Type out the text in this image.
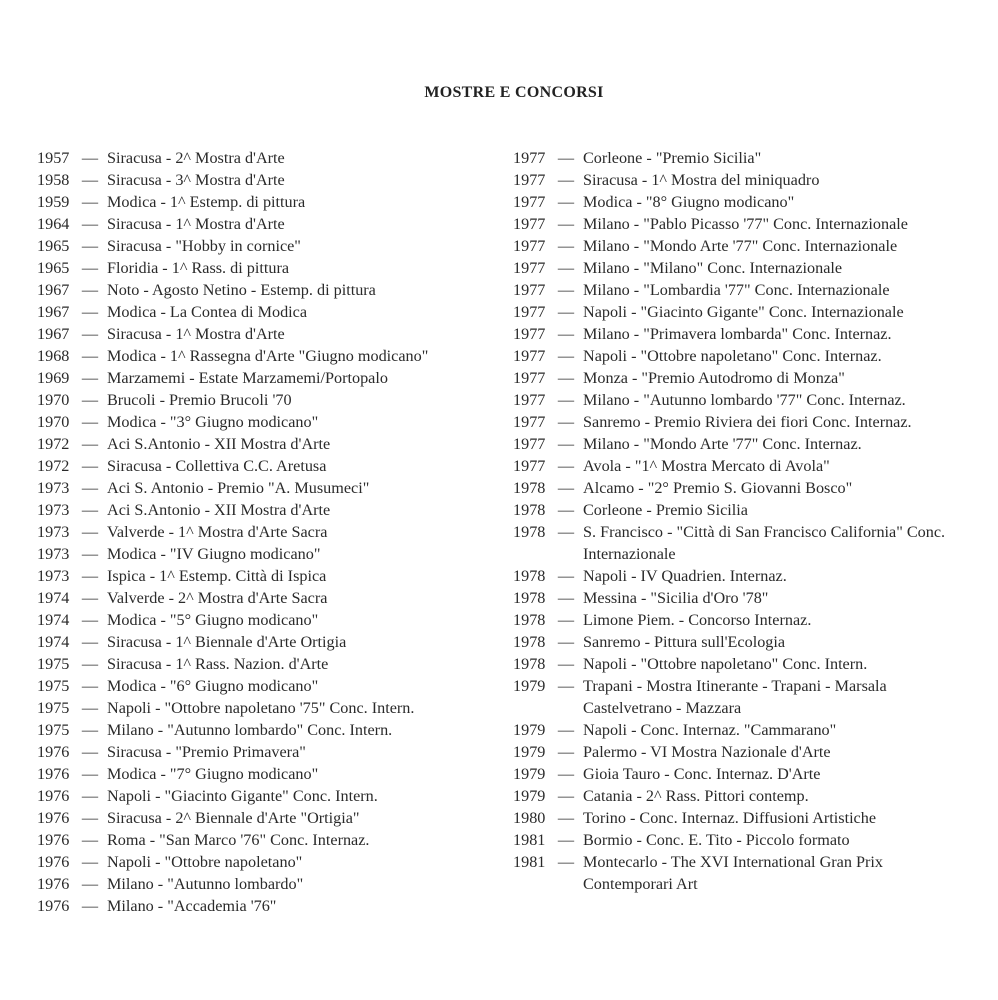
MOSTRE E CONCORSI
1957 — Siracusa - 2^ Mostra d'Arte
1958 — Siracusa - 3^ Mostra d'Arte
1959 — Modica - 1^ Estemp. di pittura
1964 — Siracusa - 1^ Mostra d'Arte
1965 — Siracusa - "Hobby in cornice"
1965 — Floridia - 1^ Rass. di pittura
1967 — Noto - Agosto Netino - Estemp. di pittura
1967 — Modica - La Contea di Modica
1967 — Siracusa - 1^ Mostra d'Arte
1968 — Modica - 1^ Rassegna d'Arte "Giugno modicano"
1969 — Marzamemi - Estate Marzamemi/Portopalo
1970 — Brucoli - Premio Brucoli '70
1970 — Modica - "3° Giugno modicano"
1972 — Aci S.Antonio - XII Mostra d'Arte
1972 — Siracusa - Collettiva C.C. Aretusa
1973 — Aci S. Antonio - Premio "A. Musumeci"
1973 — Aci S.Antonio - XII Mostra d'Arte
1973 — Valverde - 1^ Mostra d'Arte Sacra
1973 — Modica - "IV Giugno modicano"
1973 — Ispica - 1^ Estemp. Città di Ispica
1974 — Valverde - 2^ Mostra d'Arte Sacra
1974 — Modica - "5° Giugno modicano"
1974 — Siracusa - 1^ Biennale d'Arte Ortigia
1975 — Siracusa - 1^ Rass. Nazion. d'Arte
1975 — Modica - "6° Giugno modicano"
1975 — Napoli - "Ottobre napoletano '75" Conc. Intern.
1975 — Milano - "Autunno lombardo" Conc. Intern.
1976 — Siracusa - "Premio Primavera"
1976 — Modica - "7° Giugno modicano"
1976 — Napoli - "Giacinto Gigante" Conc. Intern.
1976 — Siracusa - 2^ Biennale d'Arte "Ortigia"
1976 — Roma - "San Marco '76" Conc. Internaz.
1976 — Napoli - "Ottobre napoletano"
1976 — Milano - "Autunno lombardo"
1976 — Milano - "Accademia '76"
1977 — Corleone - "Premio Sicilia"
1977 — Siracusa - 1^ Mostra del miniquadro
1977 — Modica - "8° Giugno modicano"
1977 — Milano - "Pablo Picasso '77" Conc. Internazionale
1977 — Milano - "Mondo Arte '77" Conc. Internazionale
1977 — Milano - "Milano" Conc. Internazionale
1977 — Milano - "Lombardia '77" Conc. Internazionale
1977 — Napoli - "Giacinto Gigante" Conc. Internazionale
1977 — Milano - "Primavera lombarda" Conc. Internaz.
1977 — Napoli - "Ottobre napoletano" Conc. Internaz.
1977 — Monza - "Premio Autodromo di Monza"
1977 — Milano - "Autunno lombardo '77" Conc. Internaz.
1977 — Sanremo - Premio Riviera dei fiori Conc. Internaz.
1977 — Milano - "Mondo Arte '77" Conc. Internaz.
1977 — Avola - "1^ Mostra Mercato di Avola"
1978 — Alcamo - "2° Premio S. Giovanni Bosco"
1978 — Corleone - Premio Sicilia
1978 — S. Francisco - "Città di San Francisco California" Conc. Internazionale
1978 — Napoli - IV Quadrien. Internaz.
1978 — Messina - "Sicilia d'Oro '78"
1978 — Limone Piem. - Concorso Internaz.
1978 — Sanremo - Pittura sull'Ecologia
1978 — Napoli - "Ottobre napoletano" Conc. Intern.
1979 — Trapani - Mostra Itinerante - Trapani - Marsala Castelvetrano - Mazzara
1979 — Napoli - Conc. Internaz. "Cammarano"
1979 — Palermo - VI Mostra Nazionale d'Arte
1979 — Gioia Tauro - Conc. Internaz. D'Arte
1979 — Catania - 2^ Rass. Pittori contemp.
1980 — Torino - Conc. Internaz. Diffusioni Artistiche
1981 — Bormio - Conc. E. Tito - Piccolo formato
1981 — Montecarlo - The XVI International Gran Prix Contemporari Art
